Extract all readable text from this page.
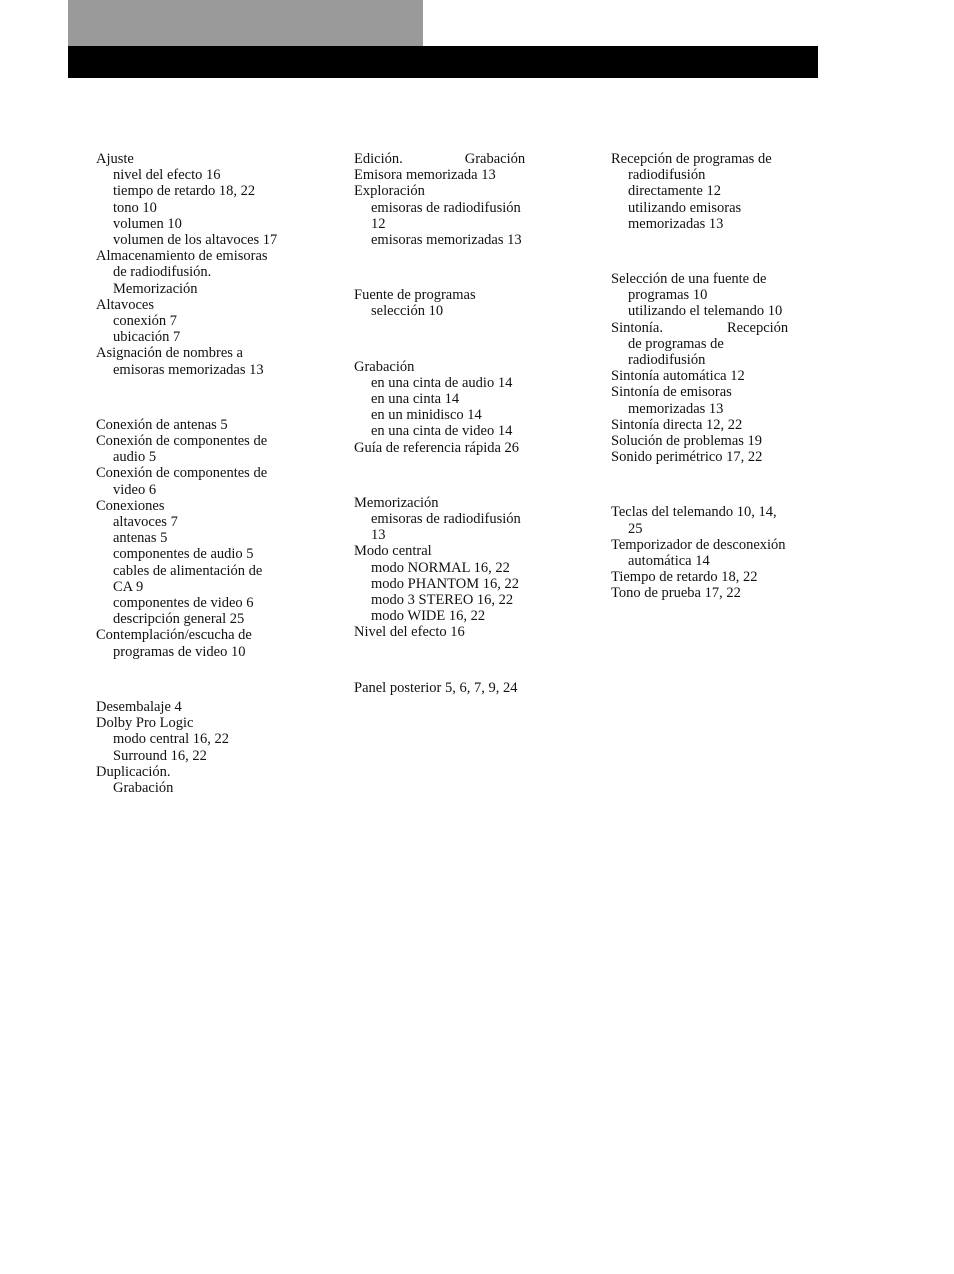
Ajuste
nivel del efecto 16
tiempo de retardo 18, 22
tono 10
volumen 10
volumen de los altavoces 17
Almacenamiento de emisoras
de radiodifusión.
Memorización
Altavoces
conexión 7
ubicación 7
Asignación de nombres a
emisoras memorizadas 13
Conexión de antenas 5
Conexión de componentes de
audio 5
Conexión de componentes de
video 6
Conexiones
altavoces 7
antenas 5
componentes de audio 5
cables de alimentación de
CA 9
componentes de video 6
descripción general 25
Contemplación/escucha de
programas de video 10
Desembalaje 4
Dolby Pro Logic
modo central 16, 22
Surround 16, 22
Duplicación.
Grabación
Edición.	Grabación
Emisora memorizada 13
Exploración
emisoras de radiodifusión
12
emisoras memorizadas 13
Fuente de programas
selección 10
Grabación
en una cinta de audio 14
en una cinta 14
en un minidisco 14
en una cinta de video 14
Guía de referencia rápida 26
Memorización
emisoras de radiodifusión
13
Modo central
modo NORMAL 16, 22
modo PHANTOM 16, 22
modo 3 STEREO 16, 22
modo WIDE 16, 22
Nivel del efecto 16
Panel posterior 5, 6, 7, 9, 24
Recepción de programas de
radiodifusión
directamente 12
utilizando emisoras
memorizadas 13
Selección de una fuente de
programas 10
utilizando el telemando 10
Sintonía.	Recepción
de programas de
radiodifusión
Sintonía automática 12
Sintonía de emisoras
memorizadas 13
Sintonía directa 12, 22
Solución de problemas 19
Sonido perimétrico 17, 22
Teclas del telemando 10, 14,
25
Temporizador de desconexión
automática 14
Tiempo de retardo 18, 22
Tono de prueba 17, 22
